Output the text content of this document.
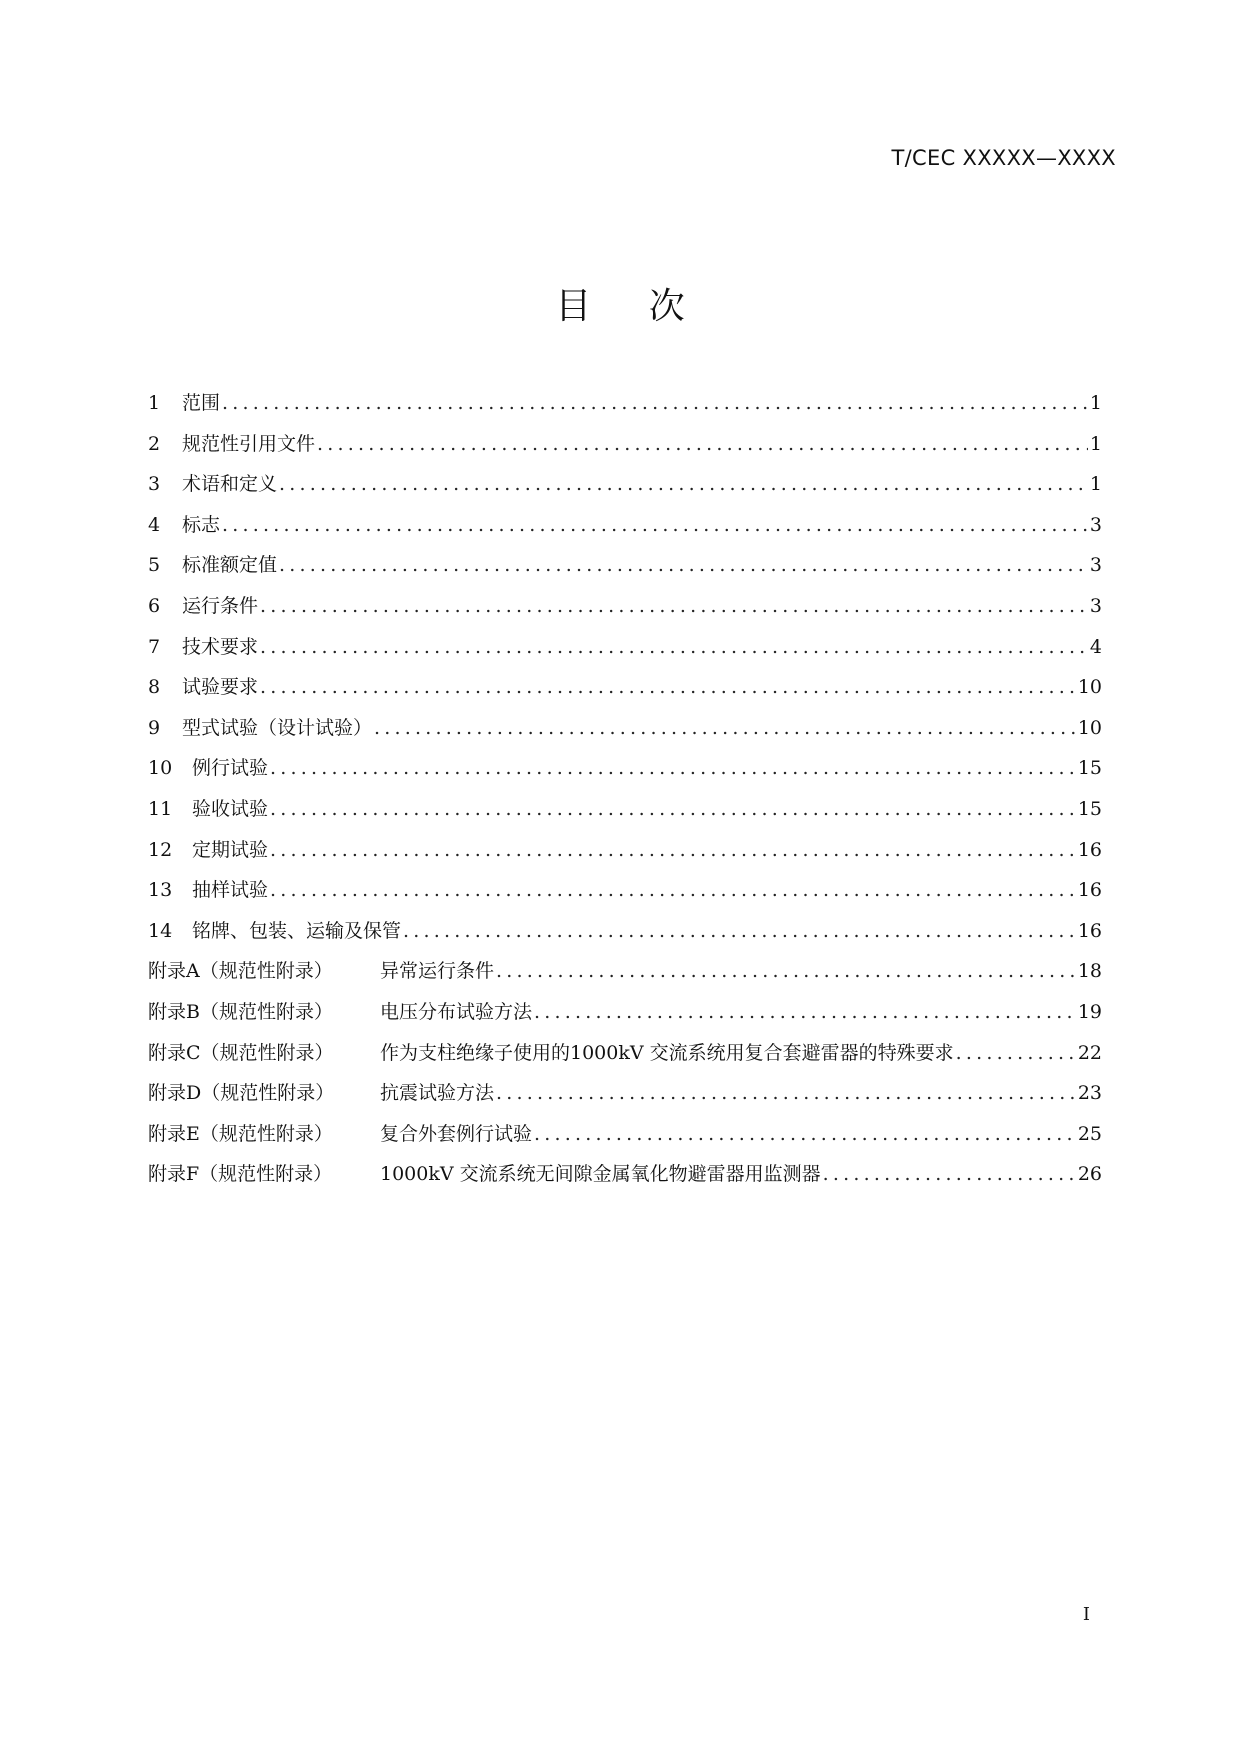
T/CEC XXXXX—XXXX
目 次
1	范围 .....	1
2	规范性引用文件 .....	1
3	术语和定义 .....	1
4	标志 .....	3
5	标准额定值 .....	3
6	运行条件 .....	3
7	技术要求 .....	4
8	试验要求 .....	10
9	型式试验（设计试验） .....	10
10	例行试验 .....	15
11	验收试验 .....	15
12	定期试验 .....	16
13	抽样试验 .....	16
14	铭牌、包装、运输及保管 .....	16
附录A（规范性附录）	异常运行条件 .....	18
附录B（规范性附录）	电压分布试验方法 .....	19
附录C（规范性附录）	作为支柱绝缘子使用的1000kV 交流系统用复合套避雷器的特殊要求 .....	22
附录D（规范性附录）	抗震试验方法 .....	23
附录E（规范性附录）	复合外套例行试验 .....	25
附录F（规范性附录）	1000kV 交流系统无间隙金属氧化物避雷器用监测器 .....	26
I
